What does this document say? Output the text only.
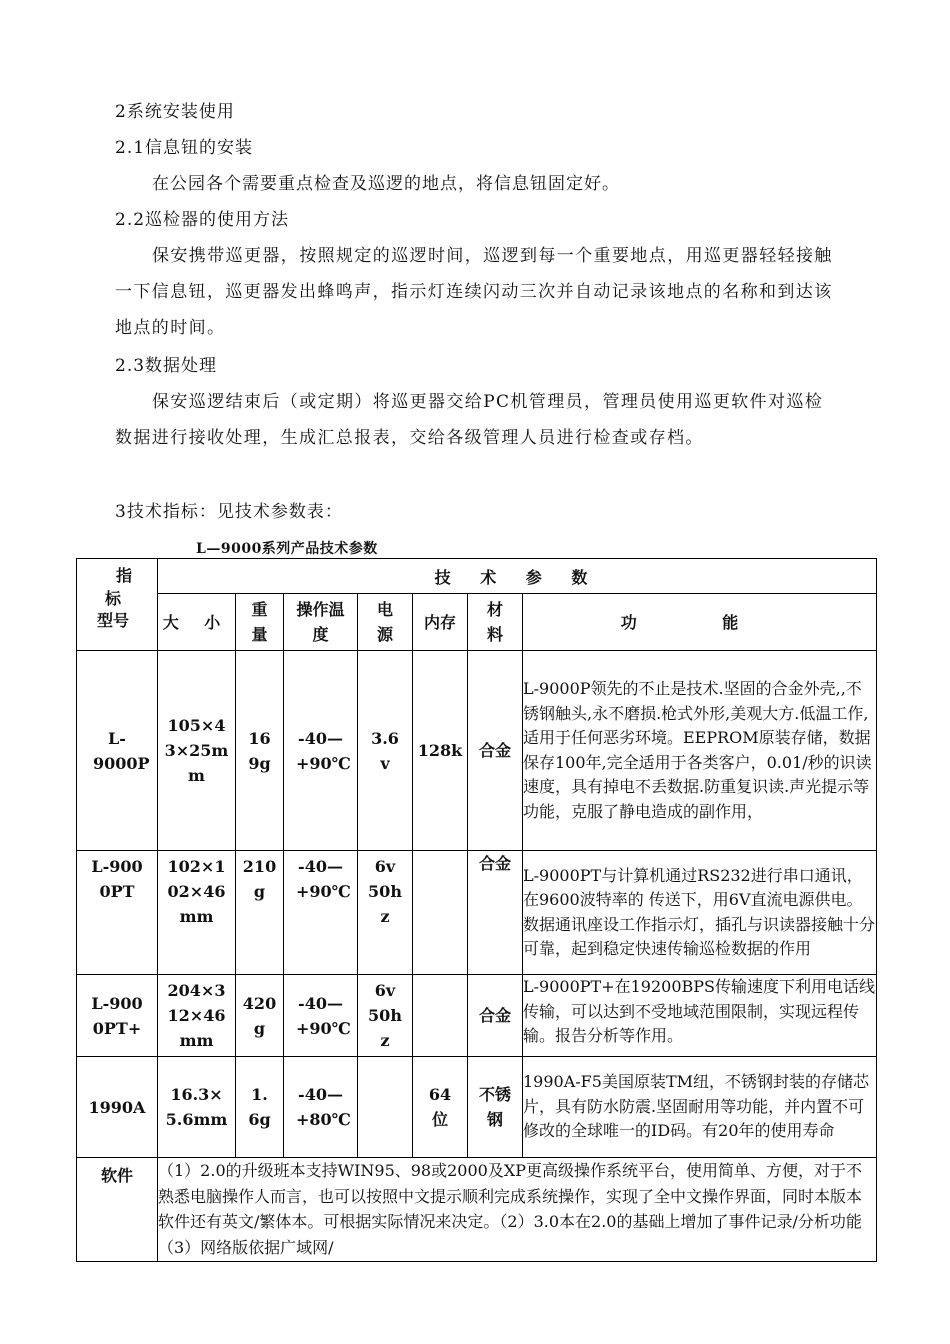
2系统安装使用
2.1信息钮的安装
在公园各个需要重点检查及巡逻的地点，将信息钮固定好。
2.2巡检器的使用方法
保安携带巡更器，按照规定的巡逻时间，巡逻到每一个重要地点，用巡更器轻轻接触一下信息钮，巡更器发出蜂鸣声，指示灯连续闪动三次并自动记录该地点的名称和到达该地点的时间。
2.3数据处理
保安巡逻结束后（或定期）将巡更器交给PC机管理员，管理员使用巡更软件对巡检数据进行接收处理，生成汇总报表，交给各级管理人员进行检查或存档。
3技术指标：见技术参数表：
L—9000系列产品技术参数
指
标
型号	技 术 参 数						
	大 小	重量	操作温度	电源	内存	材料	功 能
L-9000P	105×43×25mm	169g	-40—+90℃	3.6v	128k	合金	L-9000P领先的不止是技术.坚固的合金外壳,,不锈钢触头,永不磨损.枪式外形,美观大方.低温工作,适用于任何恶劣环境。EEPROM原装存储，数据保存100年,完全适用于各类客户，0.01/秒的识读速度，具有掉电不丢数据.防重复识读.声光提示等功能，克服了静电造成的副作用，
L-9000PT	102×102×46mm	210g	-40—+90℃	6v 50hz		合金	L-9000PT与计算机通过RS232进行串口通讯，在9600波特率的 传送下，用6V直流电源供电。数据通讯座设工作指示灯，插孔与识读器接触十分可靠，起到稳定快速传输巡检数据的作用
L-9000PT+	204×312×46mm	420g	-40—+90℃	6v 50hz		合金	L-9000PT+在19200BPS传输速度下利用电话线传输，可以达到不受地域范围限制，实现远程传输。报告分析等作用。
1990A	16.3×5.6mm	1.6g	-40—+80℃		64位	不锈钢	1990A-F5美国原装TM纽，不锈钢封装的存储芯片，具有防水防震.坚固耐用等功能，并内置不可修改的全球唯一的ID码。有20年的使用寿命
软件	（1）2.0的升级班本支持WIN95、98或2000及XP更高级操作系统平台，使用简单、方便，对于不熟悉电脑操作人而言，也可以按照中文提示顺利完成系统操作，实现了全中文操作界面，同时本版本软件还有英文/繁体本。可根据实际情况来决定。（2）3.0本在2.0的基础上增加了事件记录/分析功能（3）网络版依据广域网/						
